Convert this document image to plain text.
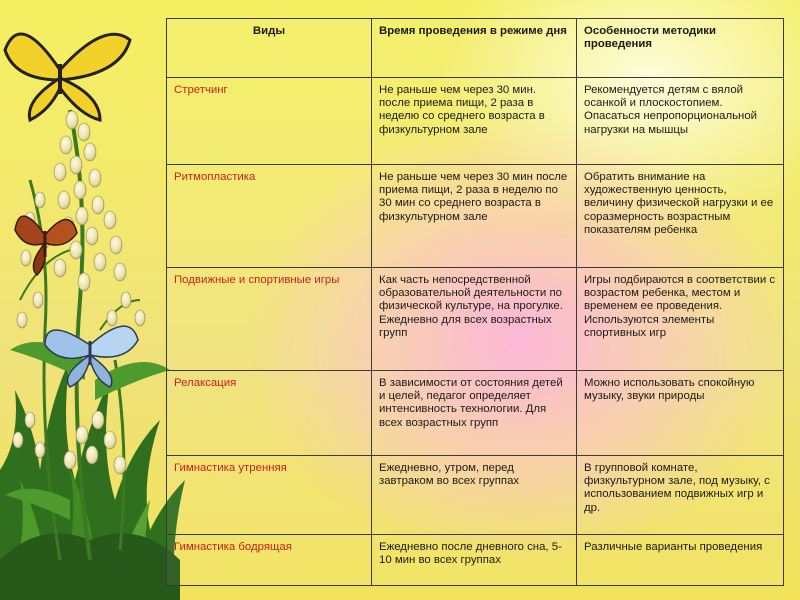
Виды	Время проведения в режиме дня	Особенности методики проведения
Стретчинг	Не раньше чем через 30 мин. после приема пищи, 2 раза в неделю со среднего возраста в физкультурном зале	Рекомендуется детям с вялой осанкой и плоскостопием. Опасаться непропорциональной нагрузки на мышцы
Ритмопластика	Не раньше чем через 30 мин после приема пищи, 2 раза в неделю по 30 мин со среднего возраста в физкультурном зале	Обратить внимание на художественную ценность, величину физической нагрузки и ее соразмерность возрастным показателям ребенка
Подвижные и спортивные игры	Как часть непосредственной образовательной деятельности по физической культуре, на прогулке. Ежедневно для всех возрастных групп	Игры подбираются в соответствии с возрастом ребенка, местом и временем ее проведения. Используются элементы спортивных игр
Релаксация	В зависимости от состояния детей и целей, педагог определяет интенсивность технологии. Для всех возрастных групп	Можно использовать спокойную музыку, звуки природы
Гимнастика утренняя	Ежедневно, утром, перед завтраком во всех группах	В групповой комнате, физкультурном зале, под музыку, с использованием подвижных игр и др.
Гимнастика бодрящая	Ежедневно после дневного сна, 5-10 мин во всех группах	Различные варианты проведения
